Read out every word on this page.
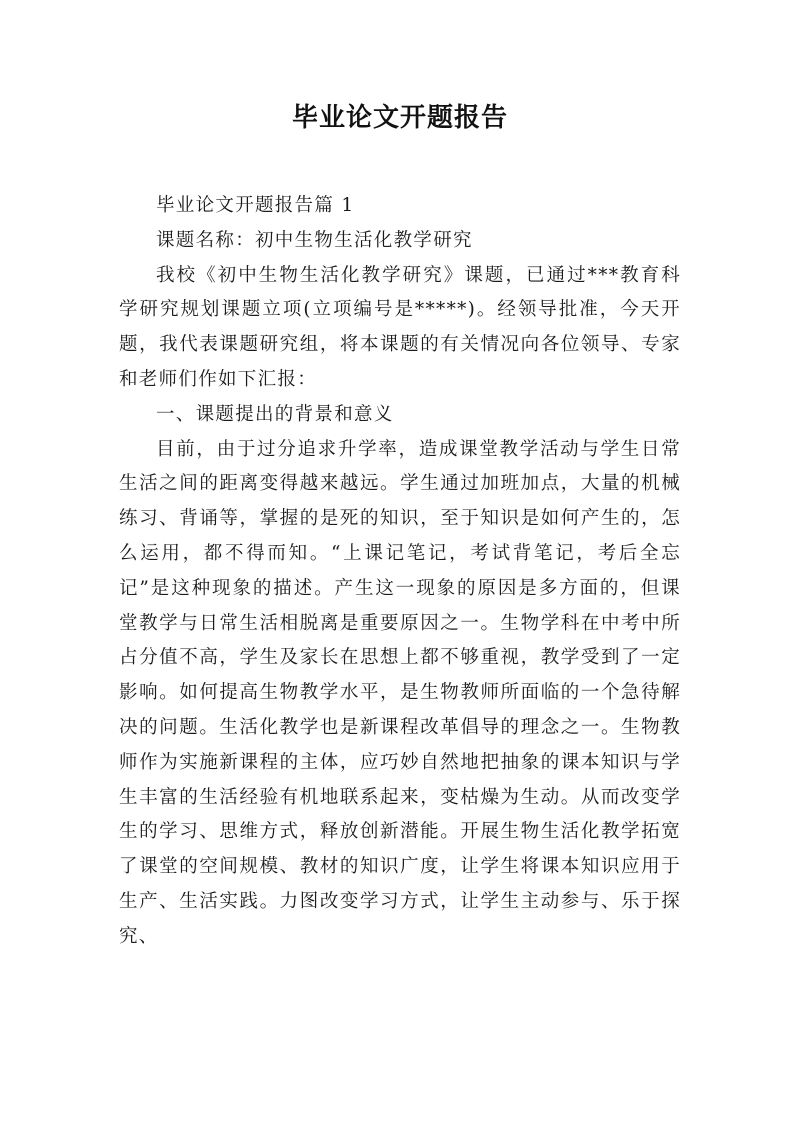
毕业论文开题报告

毕业论文开题报告篇 1

课题名称：初中生物生活化教学研究

我校《初中生物生活化教学研究》课题，已通过***教育科学研究规划课题立项(立项编号是*****)。经领导批准，今天开题，我代表课题研究组，将本课题的有关情况向各位领导、专家和老师们作如下汇报：

一、课题提出的背景和意义

目前，由于过分追求升学率，造成课堂教学活动与学生日常生活之间的距离变得越来越远。学生通过加班加点，大量的机械练习、背诵等，掌握的是死的知识，至于知识是如何产生的，怎么运用，都不得而知。“上课记笔记，考试背笔记，考后全忘记”是这种现象的描述。产生这一现象的原因是多方面的，但课堂教学与日常生活相脱离是重要原因之一。生物学科在中考中所占分值不高，学生及家长在思想上都不够重视，教学受到了一定影响。如何提高生物教学水平，是生物教师所面临的一个急待解决的问题。生活化教学也是新课程改革倡导的理念之一。生物教师作为实施新课程的主体，应巧妙自然地把抽象的课本知识与学生丰富的生活经验有机地联系起来，变枯燥为生动。从而改变学生的学习、思维方式，释放创新潜能。开展生物生活化教学拓宽了课堂的空间规模、教材的知识广度，让学生将课本知识应用于生产、生活实践。力图改变学习方式，让学生主动参与、乐于探究、
